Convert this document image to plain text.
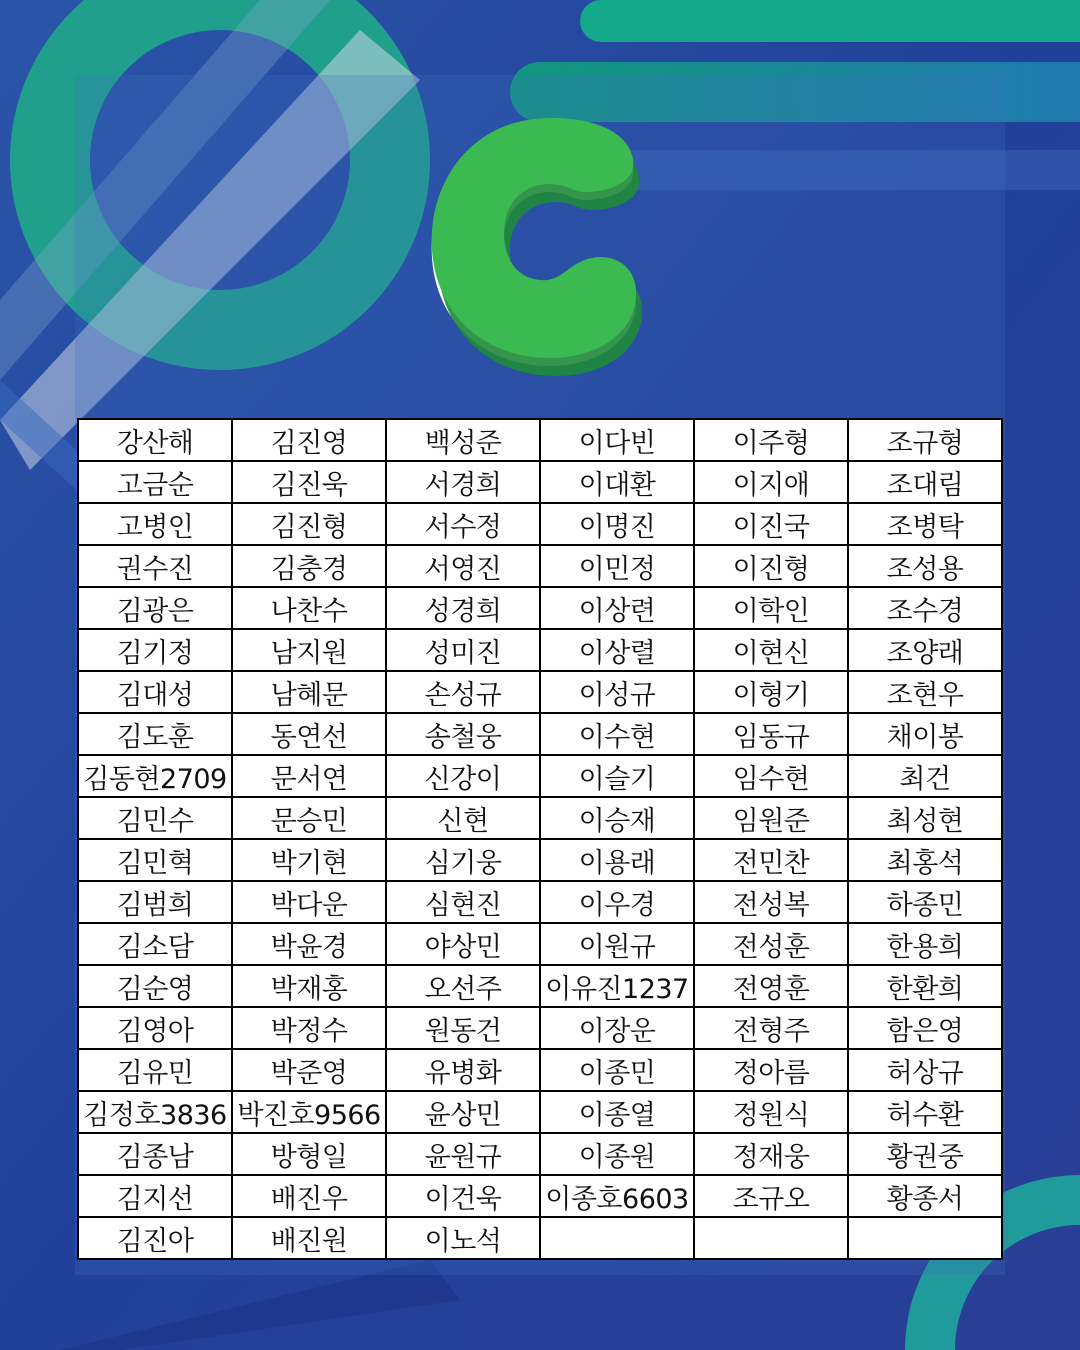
강산해	김진영	백성준	이다빈	이주형	조규형
고금순	김진욱	서경희	이대환	이지애	조대림
고병인	김진형	서수정	이명진	이진국	조병탁
권수진	김충경	서영진	이민정	이진형	조성용
김광은	나찬수	성경희	이상련	이학인	조수경
김기정	남지원	성미진	이상렬	이현신	조양래
김대성	남혜문	손성규	이성규	이형기	조현우
김도훈	동연선	송철웅	이수현	임동규	채이봉
김동현2709	문서연	신강이	이슬기	임수현	최건
김민수	문승민	신현	이승재	임원준	최성현
김민혁	박기현	심기웅	이용래	전민찬	최홍석
김범희	박다운	심현진	이우경	전성복	하종민
김소담	박윤경	야상민	이원규	전성훈	한용희
김순영	박재홍	오선주	이유진1237	전영훈	한환희
김영아	박정수	원동건	이장운	전형주	함은영
김유민	박준영	유병화	이종민	정아름	허상규
김정호3836	박진호9566	윤상민	이종열	정원식	허수환
김종남	방형일	윤원규	이종원	정재웅	황권중
김지선	배진우	이건욱	이종호6603	조규오	황종서
김진아	배진원	이노석			
